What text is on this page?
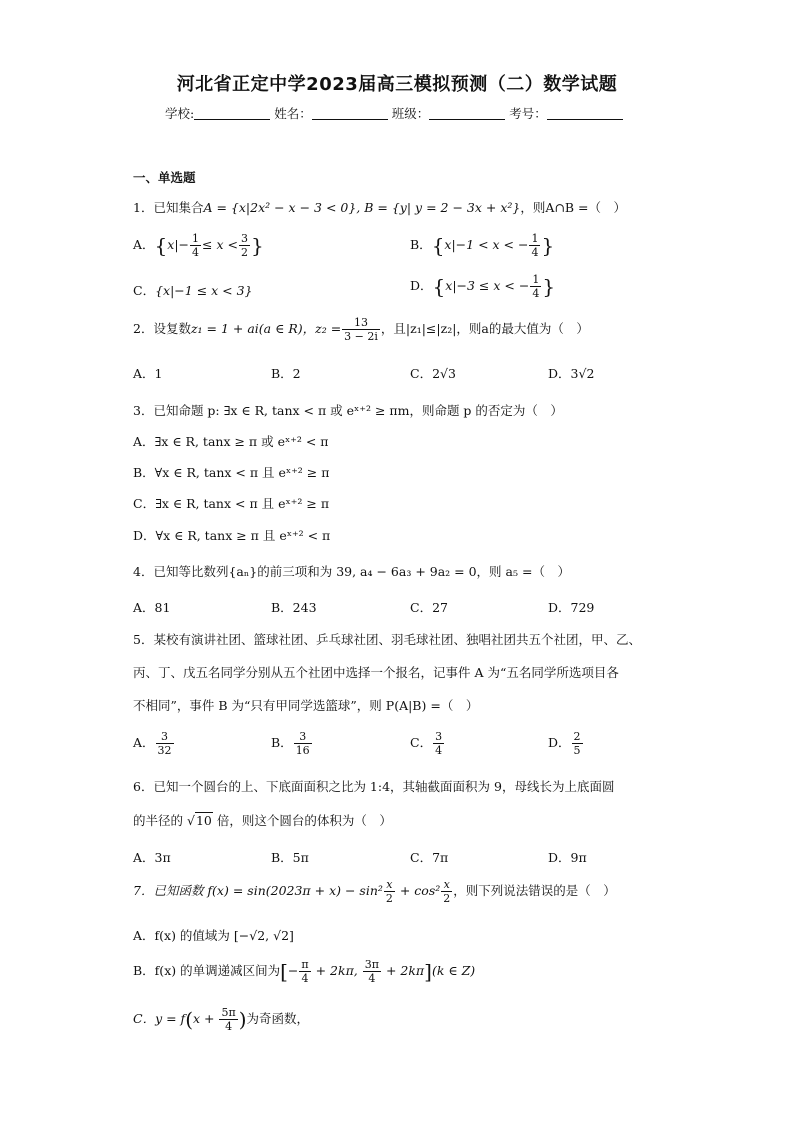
河北省正定中学2023届高三模拟预测（二）数学试题
学校:	姓名：	班级：	考号：
一、单选题
1．已知集合A = {x|2x² − x − 3 < 0}, B = {y| y = 2 − 3x + x²}，则A∩B =（　）
A．{$x|- \frac{1}{4} \le x < \frac{3}{2}$ }	B．{x|−1 < x < − $\frac{1}{4}$ }
C．{x|−1 ≤ x < 3}	D．{x|−3 ≤ x < − $\frac{1}{4}$ }
2．设复数z₁ = 1 + ai(a ∈ R)，$z_2 = \frac{13}{3 - 2i}$ ，且|z₁|≤|z₂|，则a的最大值为（　）
A．1	B．2	C．2√3	D．3√2
3．已知命题 p: ∃x ∈ R, tanx < π 或 eˣ⁺² ≥ πm，则命题 p 的否定为（　）
A．∃x ∈ R, tanx ≥ π 或 eˣ⁺² < π
B．∀x ∈ R, tanx < π 且 eˣ⁺² ≥ π
C．∃x ∈ R, tanx < π 且 eˣ⁺² ≥ π
D．∀x ∈ R, tanx ≥ π 且 eˣ⁺² < π
4．已知等比数列{aₙ}的前三项和为 39, a₄ − 6a₃ + 9a₂ = 0，则 a₅ =（　）
A．81	B．243	C．27	D．729
5．某校有演讲社团、篮球社团、乒乓球社团、羽毛球社团、独唱社团共五个社团，甲、乙、
丙、丁、戊五名同学分别从五个社团中选择一个报名，记事件 A 为“五名同学所选项目各
不相同”，事件 B 为“只有甲同学选篮球”，则 P(A|B) =（　）
A． $\frac{3}{32}$	B． $\frac{3}{16}$	C． $\frac{3}{4}$	D． $\frac{2}{5}$
6．已知一个圆台的上、下底面面积之比为 1:4，其轴截面面积为 9，母线长为上底面圆
的半径的 √10 倍，则这个圆台的体积为（　）
A．3π	B．5π	C．7π	D．9π
7．已知函数 $f(x) = \sin(2023\pi + x) - \sin^2 \frac{x}{2} + \cos^2 \frac{x}{2}$ ，则下列说法错误的是（　）
A．f(x) 的值域为 [−√2, √2]
B．f(x) 的单调递减区间为[− $\frac{\pi}{4} + 2k\pi$, $\frac{3\pi}{4} + 2k\pi](k$ ∈ Z)
C．$y = f(x + \frac{5\pi}{4}$ )为奇函数，
